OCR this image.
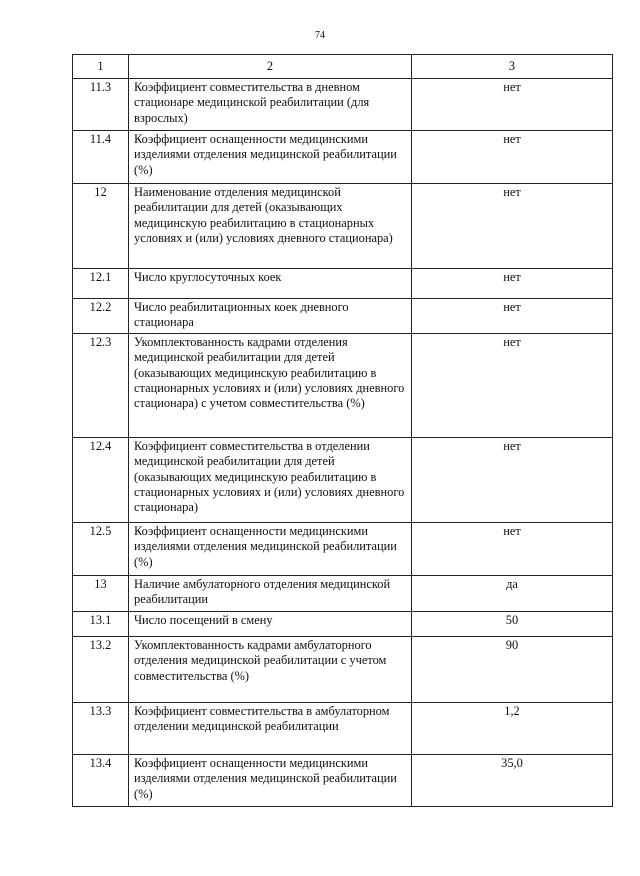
74
1	2	3
11.3	Коэффициент совместительства в дневном стационаре медицинской реабилитации (для взрослых)	нет
11.4	Коэффициент оснащенности медицинскими изделиями отделения медицинской реабилитации (%)	нет
12	Наименование отделения медицинской реабилитации для детей (оказывающих медицинскую реабилитацию в стационарных условиях и (или) условиях дневного стационара)	нет
12.1	Число круглосуточных коек	нет
12.2	Число реабилитационных коек дневного стационара	нет
12.3	Укомплектованность кадрами отделения медицинской реабилитации для детей (оказывающих медицинскую реабилитацию в стационарных условиях и (или) условиях дневного стационара) с учетом совместительства (%)	нет
12.4	Коэффициент совместительства в отделении медицинской реабилитации для детей (оказывающих медицинскую реабилитацию в стационарных условиях и (или) условиях дневного стационара)	нет
12.5	Коэффициент оснащенности медицинскими изделиями отделения медицинской реабилитации (%)	нет
13	Наличие амбулаторного отделения медицинской реабилитации	да
13.1	Число посещений в смену	50
13.2	Укомплектованность кадрами амбулаторного отделения медицинской реабилитации с учетом совместительства (%)	90
13.3	Коэффициент совместительства в амбулаторном отделении медицинской реабилитации	1,2
13.4	Коэффициент оснащенности медицинскими изделиями отделения медицинской реабилитации (%)	35,0
